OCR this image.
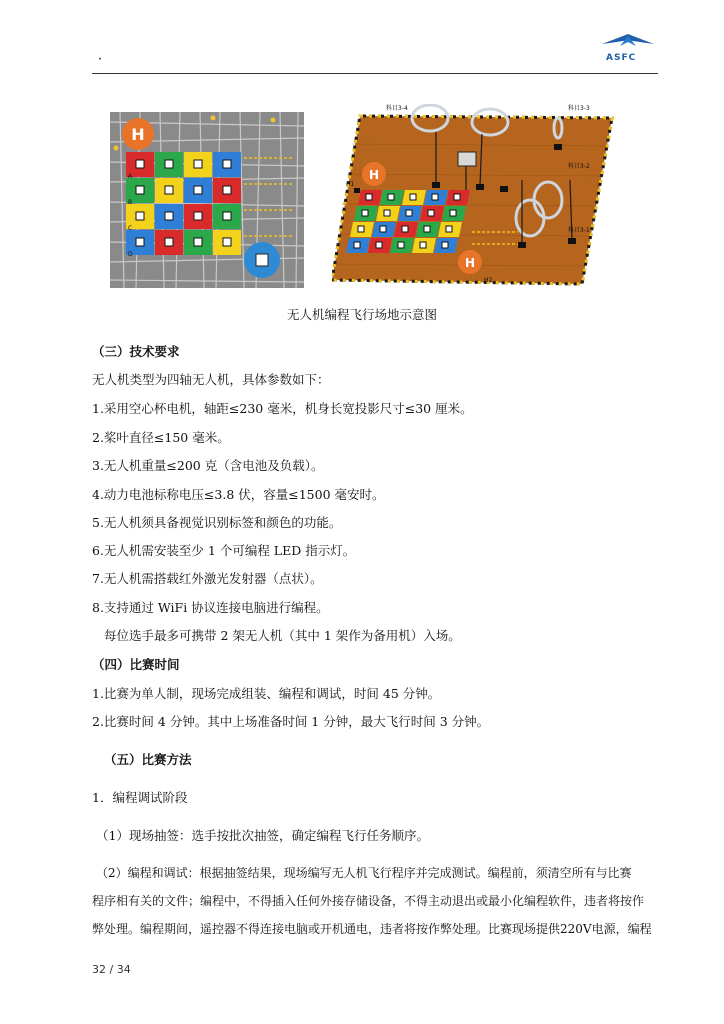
·	ASFC
H
A
B
C
D
H
H
科目3-4	科目3-3
科目3-2
科目3-1
H1
H2
无人机编程飞行场地示意图
（三）技术要求
无人机类型为四轴无人机，具体参数如下：
1.采用空心杯电机，轴距≤230 毫米，机身长宽投影尺寸≤30 厘米。
2.桨叶直径≤150 毫米。
3.无人机重量≤200 克（含电池及负载）。
4.动力电池标称电压≤3.8 伏，容量≤1500 毫安时。
5.无人机须具备视觉识别标签和颜色的功能。
6.无人机需安装至少 1 个可编程 LED 指示灯。
7.无人机需搭载红外激光发射器（点状）。
8.支持通过 WiFi 协议连接电脑进行编程。
每位选手最多可携带 2 架无人机（其中 1 架作为备用机）入场。
（四）比赛时间
1.比赛为单人制，现场完成组装、编程和调试，时间 45 分钟。
2.比赛时间 4 分钟。其中上场准备时间 1 分钟，最大飞行时间 3 分钟。
（五）比赛方法
1．编程调试阶段
（1）现场抽签：选手按批次抽签，确定编程飞行任务顺序。
（2）编程和调试：根据抽签结果，现场编写无人机飞行程序并完成测试。编程前，须清空所有与比赛
程序相有关的文件；编程中，不得插入任何外接存储设备，不得主动退出或最小化编程软件，违者将按作
弊处理。编程期间，遥控器不得连接电脑或开机通电，违者将按作弊处理。比赛现场提供220V电源，编程
32 / 34
